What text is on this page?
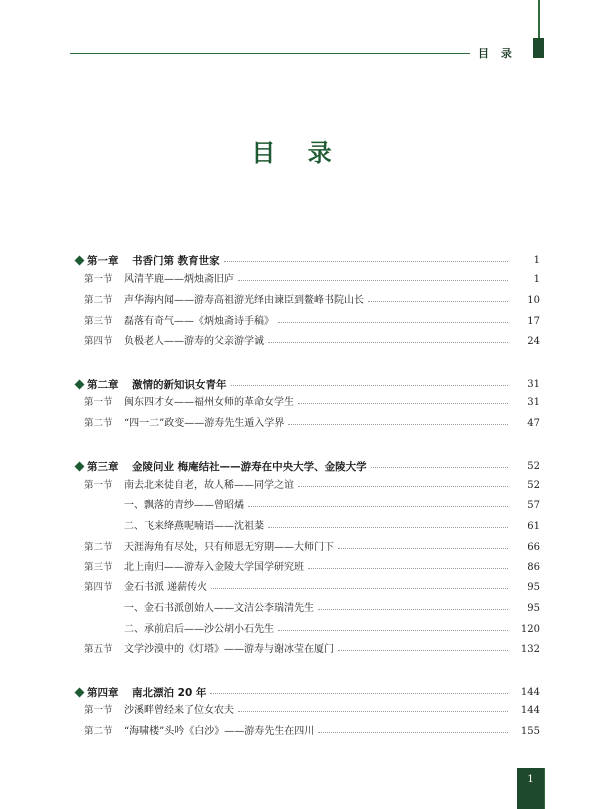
目 录
目 录
第一章 书香门第 教育世家	1
第一节 风清芊鹿——炳烛斋旧庐	1
第二节 声华海内闻——游寿高祖游光绎由谏臣到鳌峰书院山长	10
第三节 磊落有奇气——《炳烛斋诗手稿》	17
第四节 负极老人——游寿的父亲游学诚	24
第二章 激情的新知识女青年	31
第一节 闽东四才女——福州女师的革命女学生	31
第二节 “四一二”政变——游寿先生遁入学界	47
第三章 金陵问业 梅庵结社——游寿在中央大学、金陵大学	52
第一节 南去北来徒自老，故人稀——同学之谊	52
一、飘落的青纱——曾昭燏	57
二、飞来绛燕呢喃语——沈祖棻	61
第二节 天涯海角有尽处，只有师恩无穷期——大师门下	66
第三节 北上南归——游寿入金陵大学国学研究班	86
第四节 金石书派 递薪传火	95
一、金石书派创始人——文洁公李瑞清先生	95
二、承前启后——沙公胡小石先生	120
第五节 文学沙漠中的《灯塔》——游寿与谢冰莹在厦门	132
第四章 南北漂泊 20 年	144
第一节 沙溪畔曾经来了位女农夫	144
第二节 “海啸楼”头吟《白沙》——游寿先生在四川	155
1
